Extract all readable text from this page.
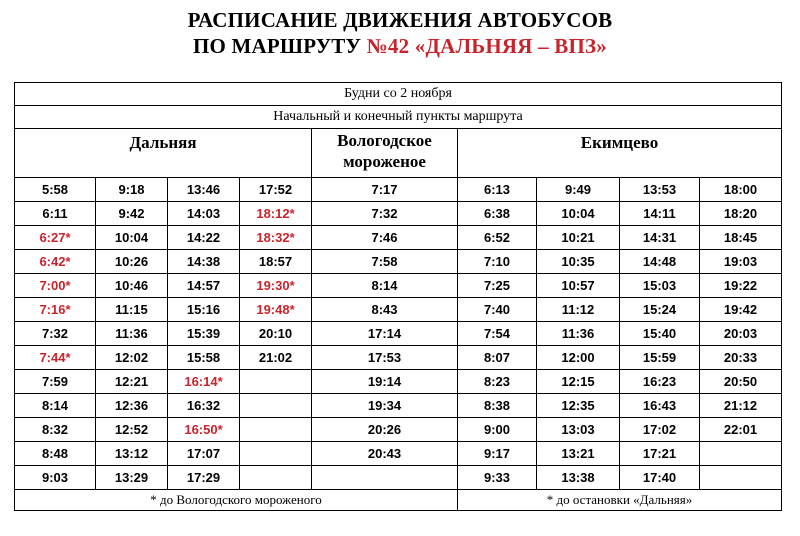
РАСПИСАНИЕ ДВИЖЕНИЯ АВТОБУСОВ
ПО МАРШРУТУ №42 «ДАЛЬНЯЯ – ВПЗ»
Будни со 2 ноября								
Начальный и конечный пункты маршрута								
Дальняя				Вологодское
мороженое	Екимцево			
5:58	9:18	13:46	17:52	7:17	6:13	9:49	13:53	18:00
6:11	9:42	14:03	18:12*	7:32	6:38	10:04	14:11	18:20
6:27*	10:04	14:22	18:32*	7:46	6:52	10:21	14:31	18:45
6:42*	10:26	14:38	18:57	7:58	7:10	10:35	14:48	19:03
7:00*	10:46	14:57	19:30*	8:14	7:25	10:57	15:03	19:22
7:16*	11:15	15:16	19:48*	8:43	7:40	11:12	15:24	19:42
7:32	11:36	15:39	20:10	17:14	7:54	11:36	15:40	20:03
7:44*	12:02	15:58	21:02	17:53	8:07	12:00	15:59	20:33
7:59	12:21	16:14*		19:14	8:23	12:15	16:23	20:50
8:14	12:36	16:32		19:34	8:38	12:35	16:43	21:12
8:32	12:52	16:50*		20:26	9:00	13:03	17:02	22:01
8:48	13:12	17:07		20:43	9:17	13:21	17:21	
9:03	13:29	17:29			9:33	13:38	17:40	
* до Вологодского мороженого					* до остановки «Дальняя»			
